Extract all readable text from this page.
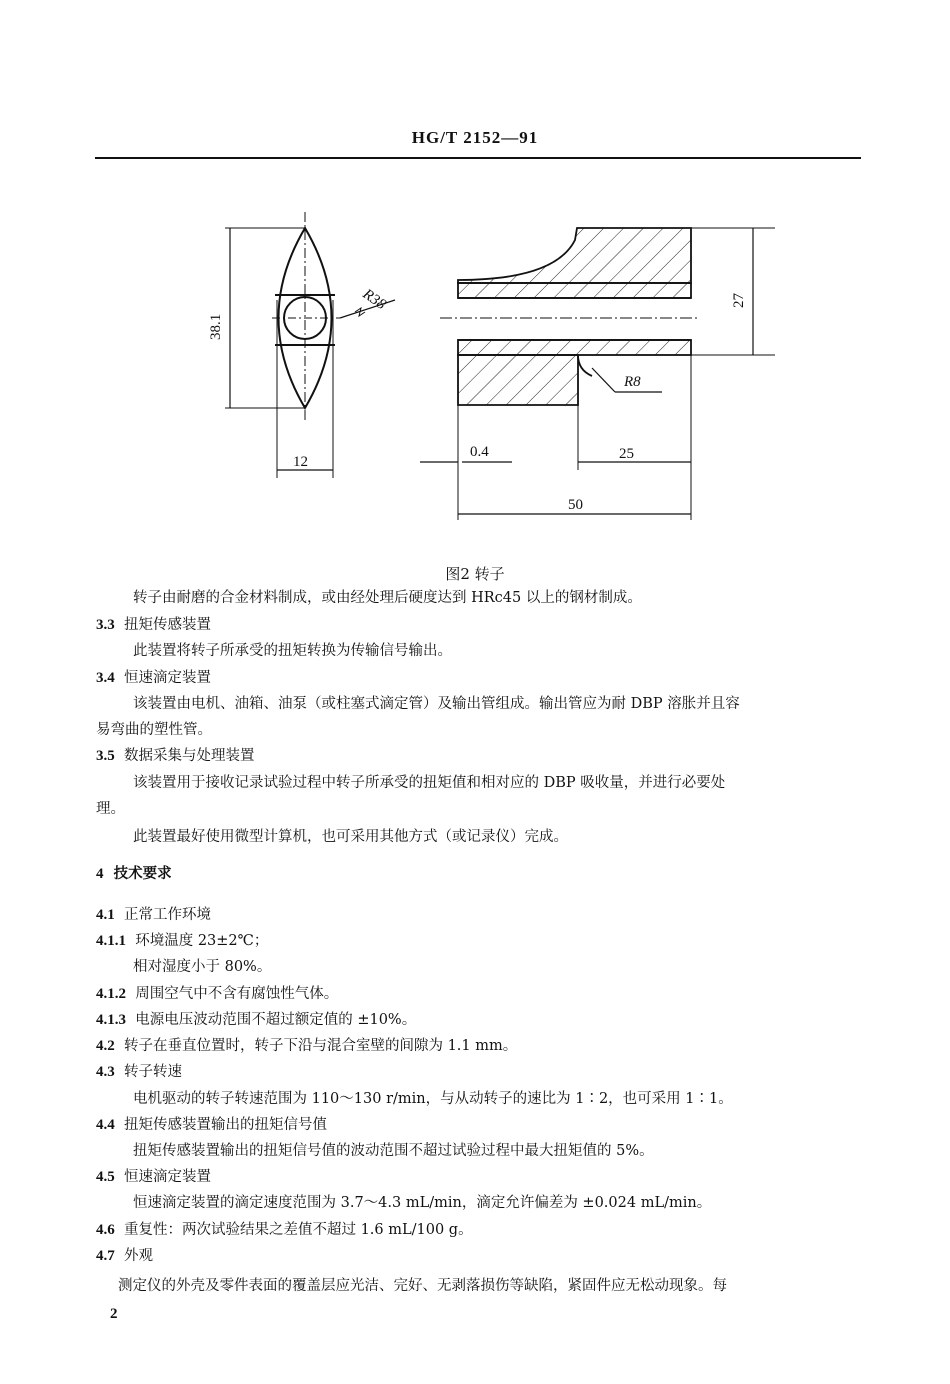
HG/T 2152—91
38.1
R38
12
27
R8
0.4	25
50
图2 转子
转子由耐磨的合金材料制成，或由经处理后硬度达到 HRc45 以上的钢材制成。
3.3 扭矩传感装置
此装置将转子所承受的扭矩转换为传输信号输出。
3.4 恒速滴定装置
该装置由电机、油箱、油泵（或柱塞式滴定管）及输出管组成。输出管应为耐 DBP 溶胀并且容
易弯曲的塑性管。
3.5 数据采集与处理装置
该装置用于接收记录试验过程中转子所承受的扭矩值和相对应的 DBP 吸收量，并进行必要处
理。
此装置最好使用微型计算机，也可采用其他方式（或记录仪）完成。
4 技术要求
4.1 正常工作环境
4.1.1 环境温度 23±2℃；
相对湿度小于 80%。
4.1.2 周围空气中不含有腐蚀性气体。
4.1.3 电源电压波动范围不超过额定值的 ±10%。
4.2 转子在垂直位置时，转子下沿与混合室壁的间隙为 1.1 mm。
4.3 转子转速
电机驱动的转子转速范围为 110～130 r/min，与从动转子的速比为 1∶2，也可采用 1∶1。
4.4 扭矩传感装置输出的扭矩信号值
扭矩传感装置输出的扭矩信号值的波动范围不超过试验过程中最大扭矩值的 5%。
4.5 恒速滴定装置
恒速滴定装置的滴定速度范围为 3.7～4.3 mL/min，滴定允许偏差为 ±0.024 mL/min。
4.6 重复性：两次试验结果之差值不超过 1.6 mL/100 g。
4.7 外观
测定仪的外壳及零件表面的覆盖层应光洁、完好、无剥落损伤等缺陷，紧固件应无松动现象。每
2
